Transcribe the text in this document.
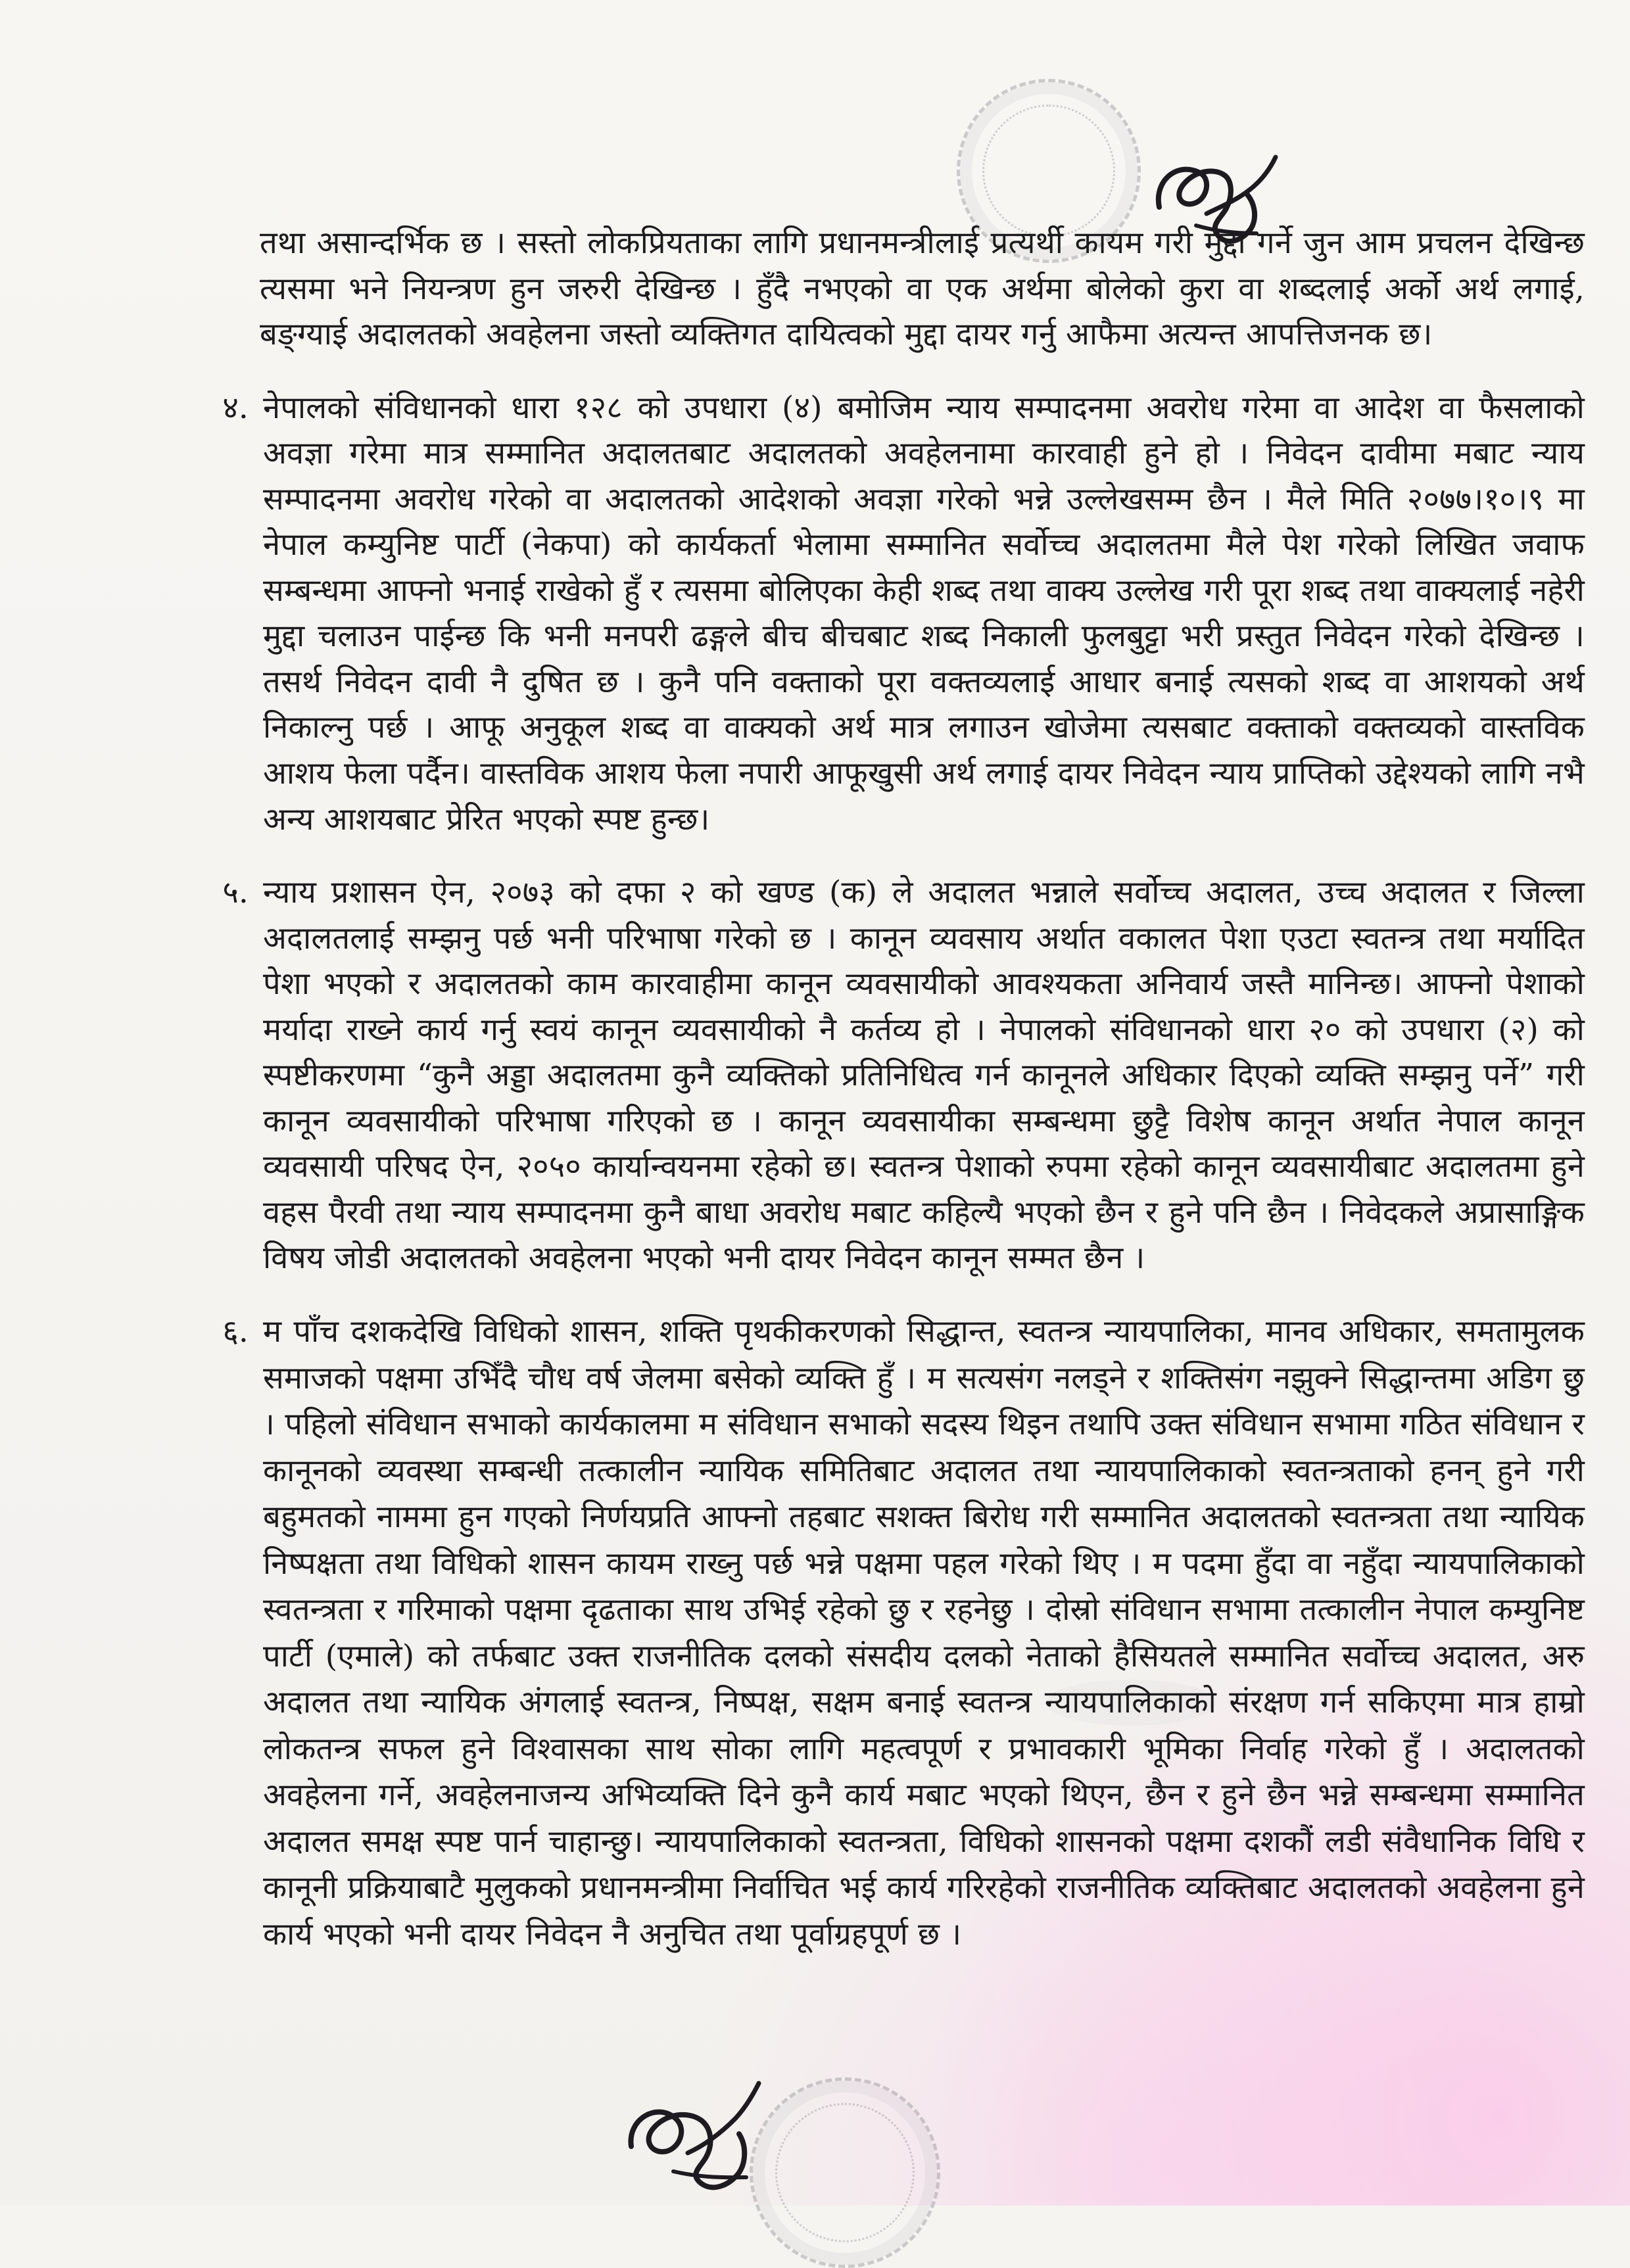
तथा असान्दर्भिक छ । सस्तो लोकप्रियताका लागि प्रधानमन्त्रीलाई प्रत्यर्थी कायम गरी मुद्दा गर्ने जुन आम प्रचलन देखिन्छ त्यसमा भने नियन्त्रण हुन जरुरी देखिन्छ । हुँदै नभएको वा एक अर्थमा बोलेको कुरा वा शब्दलाई अर्को अर्थ लगाई, बङ्ग्याई अदालतको अवहेलना जस्तो व्यक्तिगत दायित्वको मुद्दा दायर गर्नु आफैमा अत्यन्त आपत्तिजनक छ।

४. नेपालको संविधानको धारा १२८ को उपधारा (४) बमोजिम न्याय सम्पादनमा अवरोध गरेमा वा आदेश वा फैसलाको अवज्ञा गरेमा मात्र सम्मानित अदालतबाट अदालतको अवहेलनामा कारवाही हुने हो । निवेदन दावीमा मबाट न्याय सम्पादनमा अवरोध गरेको वा अदालतको आदेशको अवज्ञा गरेको भन्ने उल्लेखसम्म छैन । मैले मिति २०७७।१०।९ मा नेपाल कम्युनिष्ट पार्टी (नेकपा) को कार्यकर्ता भेलामा सम्मानित सर्वोच्च अदालतमा मैले पेश गरेको लिखित जवाफ सम्बन्धमा आफ्नो भनाई राखेको हुँ र त्यसमा बोलिएका केही शब्द तथा वाक्य उल्लेख गरी पूरा शब्द तथा वाक्यलाई नहेरी मुद्दा चलाउन पाईन्छ कि भनी मनपरी ढङ्गले बीच बीचबाट शब्द निकाली फुलबुट्टा भरी प्रस्तुत निवेदन गरेको देखिन्छ । तसर्थ निवेदन दावी नै दुषित छ । कुनै पनि वक्ताको पूरा वक्तव्यलाई आधार बनाई त्यसको शब्द वा आशयको अर्थ निकाल्नु पर्छ । आफू अनुकूल शब्द वा वाक्यको अर्थ मात्र लगाउन खोजेमा त्यसबाट वक्ताको वक्तव्यको वास्तविक आशय फेला पर्दैन। वास्तविक आशय फेला नपारी आफूखुसी अर्थ लगाई दायर निवेदन न्याय प्राप्तिको उद्देश्यको लागि नभै अन्य आशयबाट प्रेरित भएको स्पष्ट हुन्छ।
५. न्याय प्रशासन ऐन, २०७३ को दफा २ को खण्ड (क) ले अदालत भन्नाले सर्वोच्च अदालत, उच्च अदालत र जिल्ला अदालतलाई सम्झनु पर्छ भनी परिभाषा गरेको छ । कानून व्यवसाय अर्थात वकालत पेशा एउटा स्वतन्त्र तथा मर्यादित पेशा भएको र अदालतको काम कारवाहीमा कानून व्यवसायीको आवश्यकता अनिवार्य जस्तै मानिन्छ। आफ्नो पेशाको मर्यादा राख्ने कार्य गर्नु स्वयं कानून व्यवसायीको नै कर्तव्य हो । नेपालको संविधानको धारा २० को उपधारा (२) को स्पष्टीकरणमा “कुनै अड्डा अदालतमा कुनै व्यक्तिको प्रतिनिधित्व गर्न कानूनले अधिकार दिएको व्यक्ति सम्झनु पर्ने” गरी कानून व्यवसायीको परिभाषा गरिएको छ । कानून व्यवसायीका सम्बन्धमा छुट्टै विशेष कानून अर्थात नेपाल कानून व्यवसायी परिषद ऐन, २०५० कार्यान्वयनमा रहेको छ। स्वतन्त्र पेशाको रुपमा रहेको कानून व्यवसायीबाट अदालतमा हुने वहस पैरवी तथा न्याय सम्पादनमा कुनै बाधा अवरोध मबाट कहिल्यै भएको छैन र हुने पनि छैन । निवेदकले अप्रासाङ्गिक विषय जोडी अदालतको अवहेलना भएको भनी दायर निवेदन कानून सम्मत छैन ।
६. म पाँच दशकदेखि विधिको शासन, शक्ति पृथकीकरणको सिद्धान्त, स्वतन्त्र न्यायपालिका, मानव अधिकार, समतामुलक समाजको पक्षमा उभिँदै चौध वर्ष जेलमा बसेको व्यक्ति हुँ । म सत्यसंग नलड्ने र शक्तिसंग नझुक्ने सिद्धान्तमा अडिग छु । पहिलो संविधान सभाको कार्यकालमा म संविधान सभाको सदस्य थिइन तथापि उक्त संविधान सभामा गठित संविधान र कानूनको व्यवस्था सम्बन्धी तत्कालीन न्यायिक समितिबाट अदालत तथा न्यायपालिकाको स्वतन्त्रताको हनन् हुने गरी बहुमतको नाममा हुन गएको निर्णयप्रति आफ्नो तहबाट सशक्त बिरोध गरी सम्मानित अदालतको स्वतन्त्रता तथा न्यायिक निष्पक्षता तथा विधिको शासन कायम राख्नु पर्छ भन्ने पक्षमा पहल गरेको थिए । म पदमा हुँदा वा नहुँदा न्यायपालिकाको स्वतन्त्रता र गरिमाको पक्षमा दृढताका साथ उभिई रहेको छु र रहनेछु । दोस्रो संविधान सभामा तत्कालीन नेपाल कम्युनिष्ट पार्टी (एमाले) को तर्फबाट उक्त राजनीतिक दलको संसदीय दलको नेताको हैसियतले सम्मानित सर्वोच्च अदालत, अरु अदालत तथा न्यायिक अंगलाई स्वतन्त्र, निष्पक्ष, सक्षम बनाई स्वतन्त्र न्यायपालिकाको संरक्षण गर्न सकिएमा मात्र हाम्रो लोकतन्त्र सफल हुने विश्वासका साथ सोका लागि महत्वपूर्ण र प्रभावकारी भूमिका निर्वाह गरेको हुँ । अदालतको अवहेलना गर्ने, अवहेलनाजन्य अभिव्यक्ति दिने कुनै कार्य मबाट भएको थिएन, छैन र हुने छैन भन्ने सम्बन्धमा सम्मानित अदालत समक्ष स्पष्ट पार्न चाहान्छु। न्यायपालिकाको स्वतन्त्रता, विधिको शासनको पक्षमा दशकौं लडी संवैधानिक विधि र कानूनी प्रक्रियाबाटै मुलुकको प्रधानमन्त्रीमा निर्वाचित भई कार्य गरिरहेको राजनीतिक व्यक्तिबाट अदालतको अवहेलना हुने कार्य भएको भनी दायर निवेदन नै अनुचित तथा पूर्वाग्रहपूर्ण छ ।
